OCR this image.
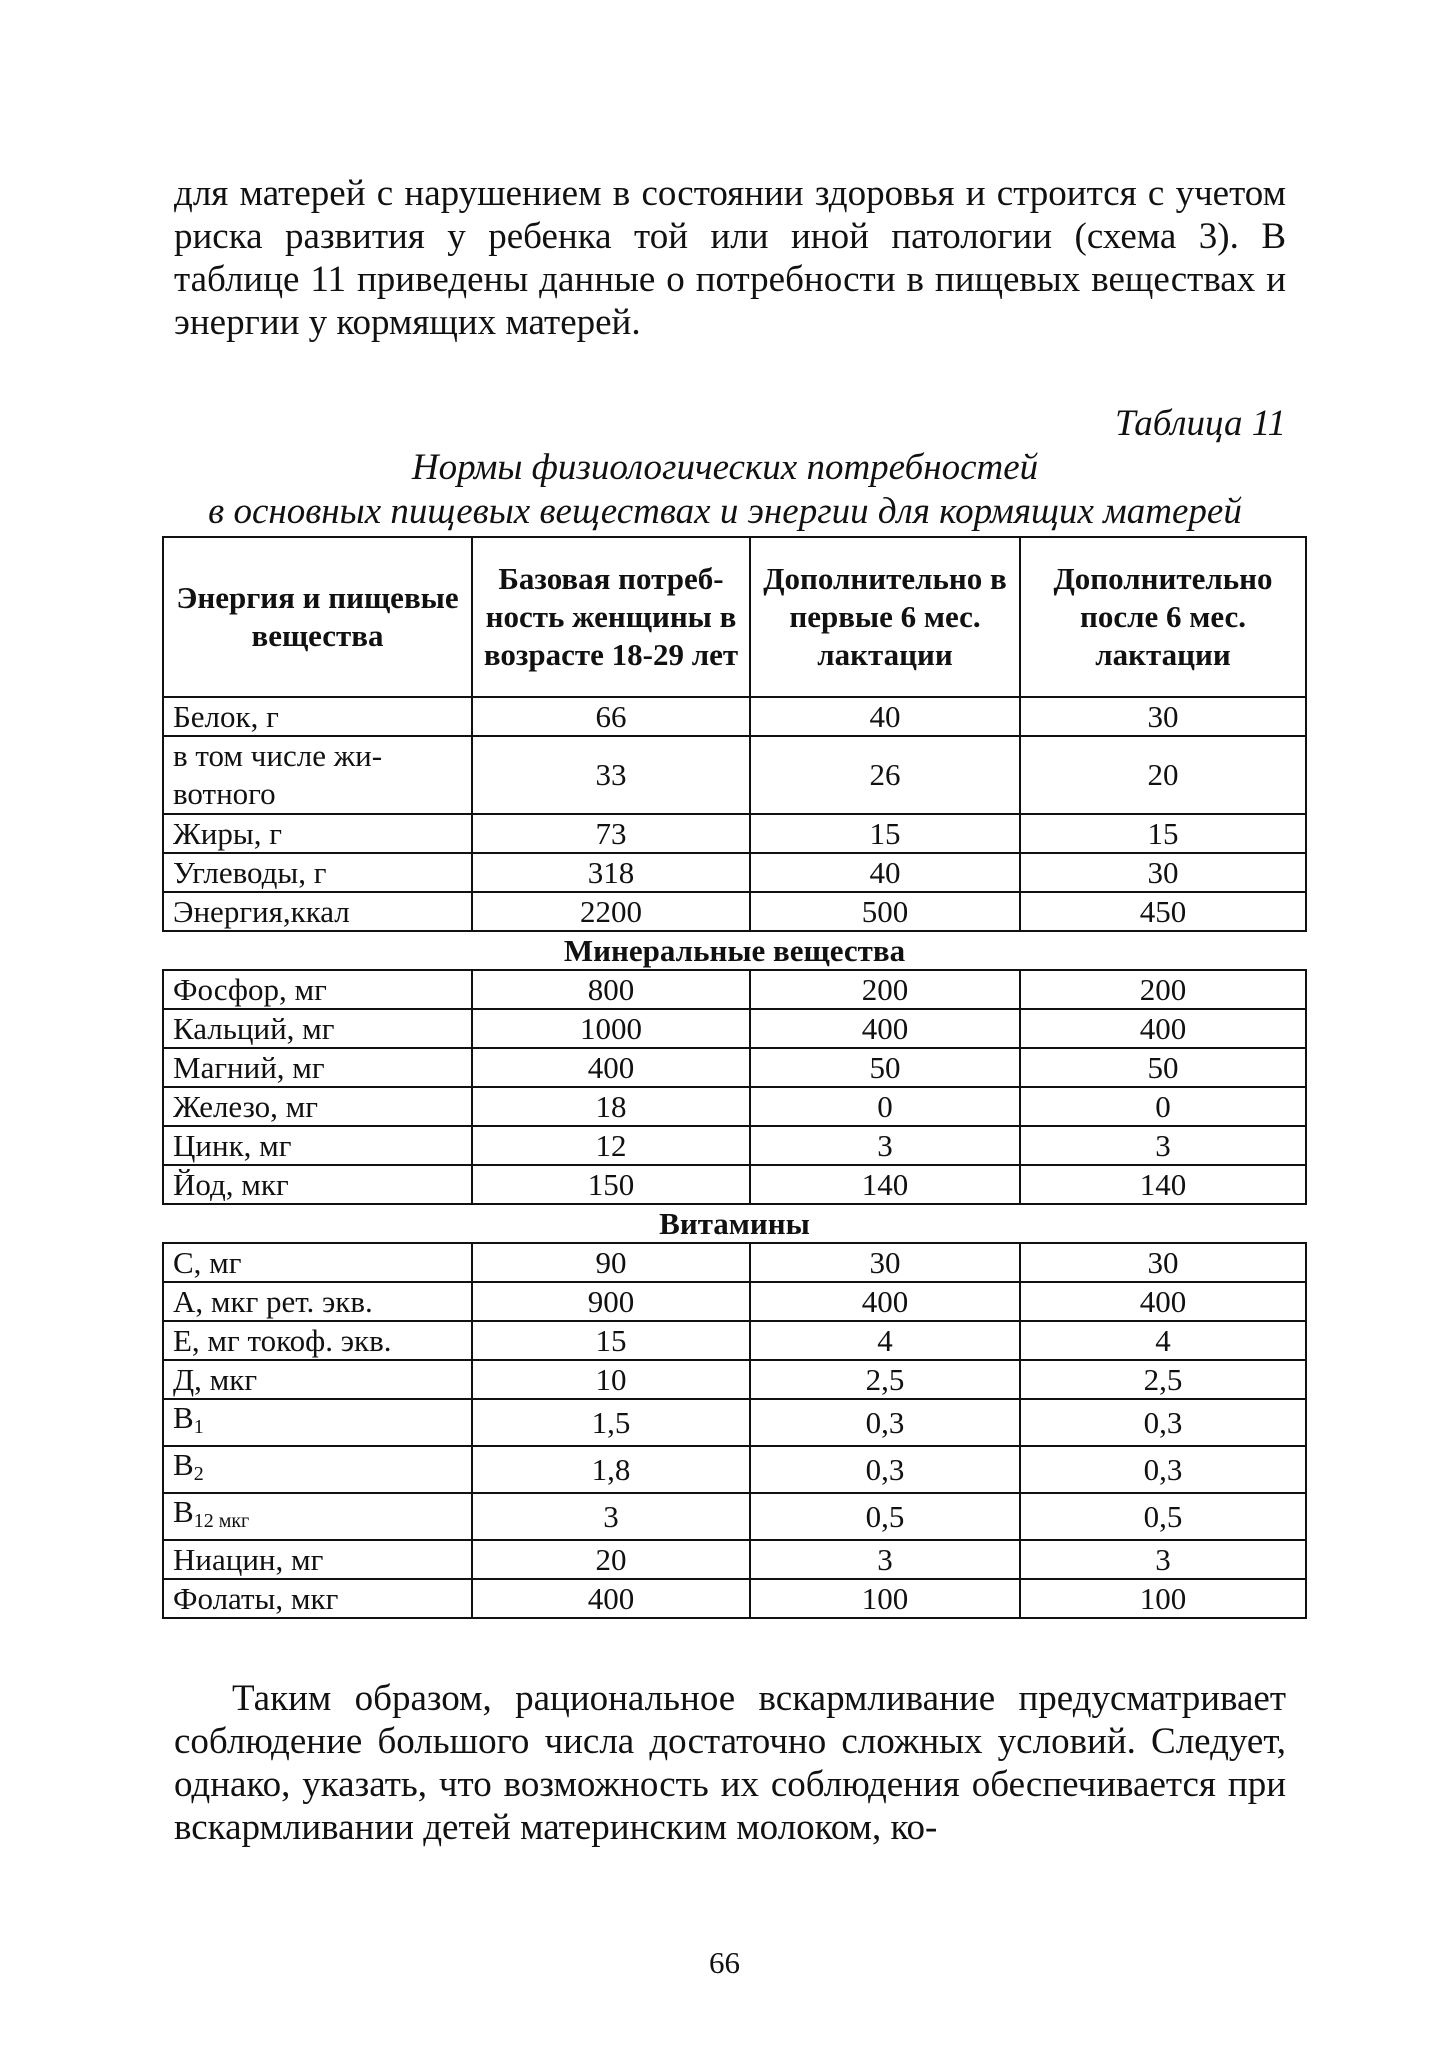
для матерей с нарушением в состоянии здоровья и строится с учетом риска развития у ребенка той или иной патологии (схема 3). В таблице 11 приведены данные о потребности в пищевых веществах и энергии у кормящих матерей.

Таблица 11

Нормы физиологических потребностей

в основных пищевых веществах и энергии для кормящих матерей

Энергия и пищевые вещества	Базовая потребность женщины в возрасте 18-29 лет	Дополнительно в первые 6 мес. лактации	Дополнительно после 6 мес. лактации
Белок, г	66	40	30
в том числе животного	33	26	20
Жиры, г	73	15	15
Углеводы, г	318	40	30
Энергия,ккал	2200	500	450
Минеральные вещества			
Фосфор, мг	800	200	200
Кальций, мг	1000	400	400
Магний, мг	400	50	50
Железо, мг	18	0	0
Цинк, мг	12	3	3
Йод, мкг	150	140	140
Витамины			
С, мг	90	30	30
А, мкг рет. экв.	900	400	400
Е, мг токоф. экв.	15	4	4
Д, мкг	10	2,5	2,5
$В_1$	1,5	0,3	0,3
$В_2$	1,8	0,3	0,3
$В_{12 мкг}$	3	0,5	0,5
Ниацин, мг	20	3	3
Фолаты, мкг	400	100	100

Таким образом, рациональное вскармливание предусматривает соблюдение большого числа достаточно сложных условий. Следует, однако, указать, что возможность их соблюдения обеспечивается при вскармливании детей материнским молоком, ко-

66
